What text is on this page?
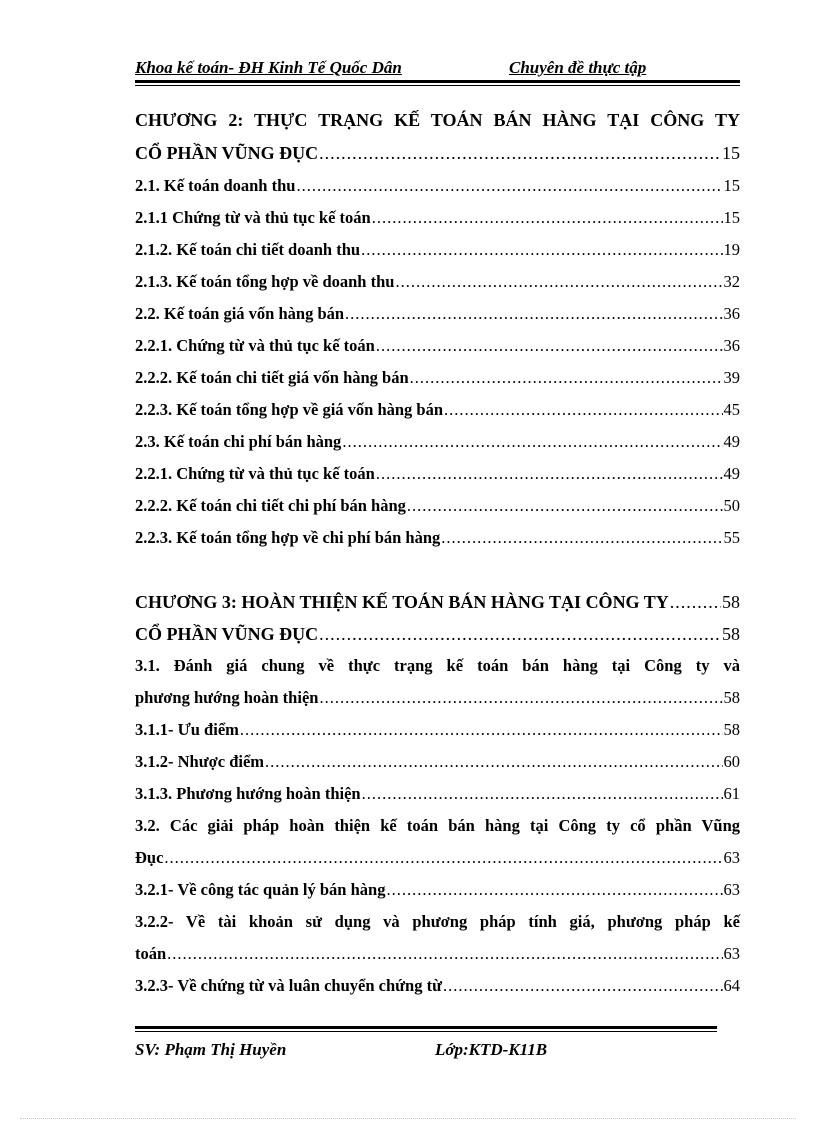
Khoa kế toán- ĐH Kinh Tế Quốc Dân	Chuyên đề thực tập
CHƯƠNG 2: THỰC TRẠNG KẾ TOÁN BÁN HÀNG TẠI CÔNG TY
CỔ PHẦN VŨNG ĐỤC .....	15
2.1. Kế toán doanh thu .....	15
2.1.1 Chứng từ và thủ tục kế toán .....	15
2.1.2. Kế toán chi tiết doanh thu .....	19
2.1.3. Kế toán tổng hợp về doanh thu .....	32
2.2. Kế toán giá vốn hàng bán .....	36
2.2.1. Chứng từ và thủ tục kế toán .....	36
2.2.2. Kế toán chi tiết giá vốn hàng bán .....	39
2.2.3. Kế toán tổng hợp về giá vốn hàng bán .....	45
2.3. Kế toán chi phí bán hàng .....	49
2.2.1. Chứng từ và thủ tục kế toán .....	49
2.2.2. Kế toán chi tiết chi phí bán hàng .....	50
2.2.3. Kế toán tổng hợp về chi phí bán hàng .....	55
CHƯƠNG 3: HOÀN THIỆN KẾ TOÁN BÁN HÀNG TẠI CÔNG TY .....	58
CỔ PHẦN VŨNG ĐỤC .....	58
3.1. Đánh giá chung về thực trạng kế toán bán hàng tại Công ty và
phương hướng hoàn thiện .....	58
3.1.1- Ưu điểm .....	58
3.1.2- Nhược điểm .....	60
3.1.3. Phương hướng hoàn thiện .....	61
3.2. Các giải pháp hoàn thiện kế toán bán hàng tại Công ty cổ phần Vũng
Đục .....	63
3.2.1- Về công tác quản lý bán hàng .....	63
3.2.2- Về tài khoản sử dụng và phương pháp tính giá, phương pháp kế
toán .....	63
3.2.3- Về chứng từ và luân chuyển chứng từ .....	64
SV: Phạm Thị Huyền	Lớp:KTD-K11B
